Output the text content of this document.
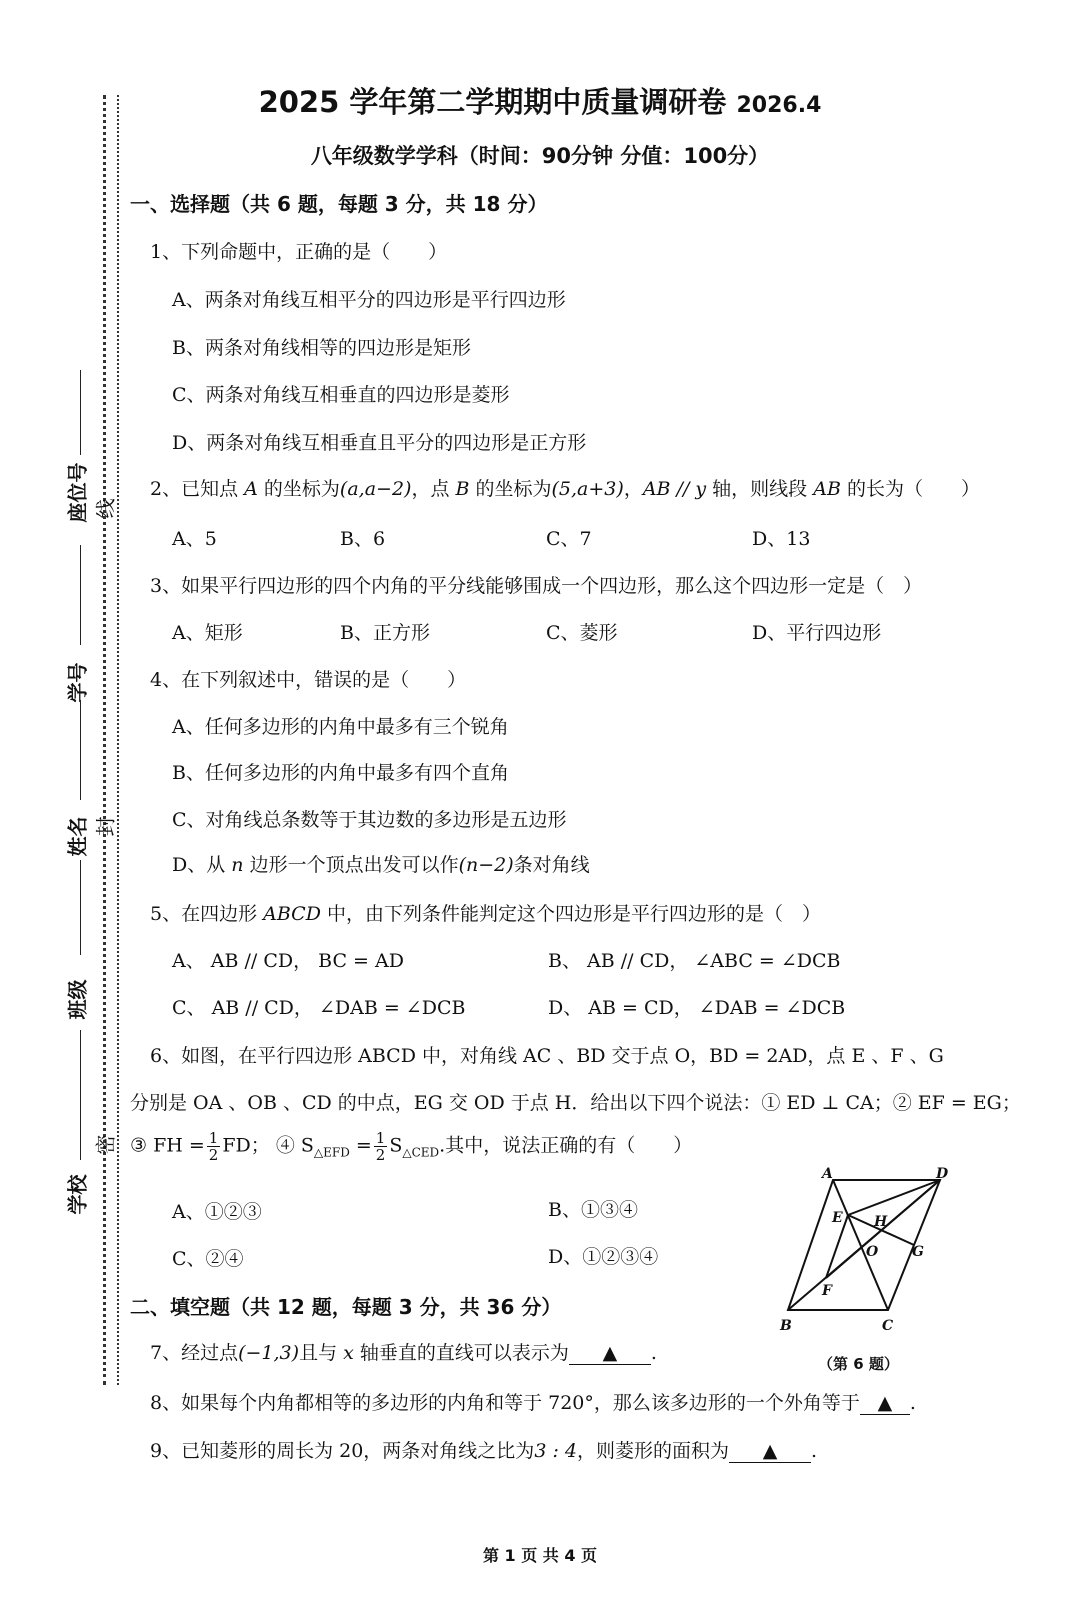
2025 学年第二学期期中质量调研卷 2026.4
八年级数学学科（时间：90分钟 分值：100分）
座位号
学号
姓名
班级
学校
线
封
密
一、选择题（共 6 题，每题 3 分，共 18 分）
1、下列命题中，正确的是（　　）
A、两条对角线互相平分的四边形是平行四边形
B、两条对角线相等的四边形是矩形
C、两条对角线互相垂直的四边形是菱形
D、两条对角线互相垂直且平分的四边形是正方形
2、已知点 A 的坐标为(a,a−2)，点 B 的坐标为(5,a+3)，AB // y 轴，则线段 AB 的长为（　　）
A、5	B、6	C、7	D、13
3、如果平行四边形的四个内角的平分线能够围成一个四边形，那么这个四边形一定是（　）
A、矩形	B、正方形	C、菱形	D、平行四边形
4、在下列叙述中，错误的是（　　）
A、任何多边形的内角中最多有三个锐角
B、任何多边形的内角中最多有四个直角
C、对角线总条数等于其边数的多边形是五边形
D、从 n 边形一个顶点出发可以作(n−2)条对角线
5、在四边形 ABCD 中，由下列条件能判定这个四边形是平行四边形的是（　）
A、 AB // CD， BC = AD	B、 AB // CD， ∠ABC = ∠DCB
C、 AB // CD， ∠DAB = ∠DCB	D、 AB = CD， ∠DAB = ∠DCB
6、如图，在平行四边形 ABCD 中，对角线 AC 、BD 交于点 O，BD = 2AD，点 E 、F 、G
分别是 OA 、OB 、CD 的中点，EG 交 OD 于点 H．给出以下四个说法：① ED ⊥ CA；② EF = EG；
③ FH = $\frac{1}{2}$ FD； ④ $S_{\triangle EFD} = \frac{1}{2} S_{\triangle CED}$.其中，说法正确的有（　　）
A、①②③	B、①③④
C、②④	D、①②③④
A	D
E H
O G
F
B	C
（第 6 题）
二、填空题（共 12 题，每题 3 分，共 36 分）
7、经过点(−1,3)且与 x 轴垂直的直线可以表示为 ▲ .
8、如果每个内角都相等的多边形的内角和等于 720°，那么该多边形的一个外角等于 ▲ .
9、已知菱形的周长为 20，两条对角线之比为3 : 4，则菱形的面积为 ▲ .
第 1 页 共 4 页
